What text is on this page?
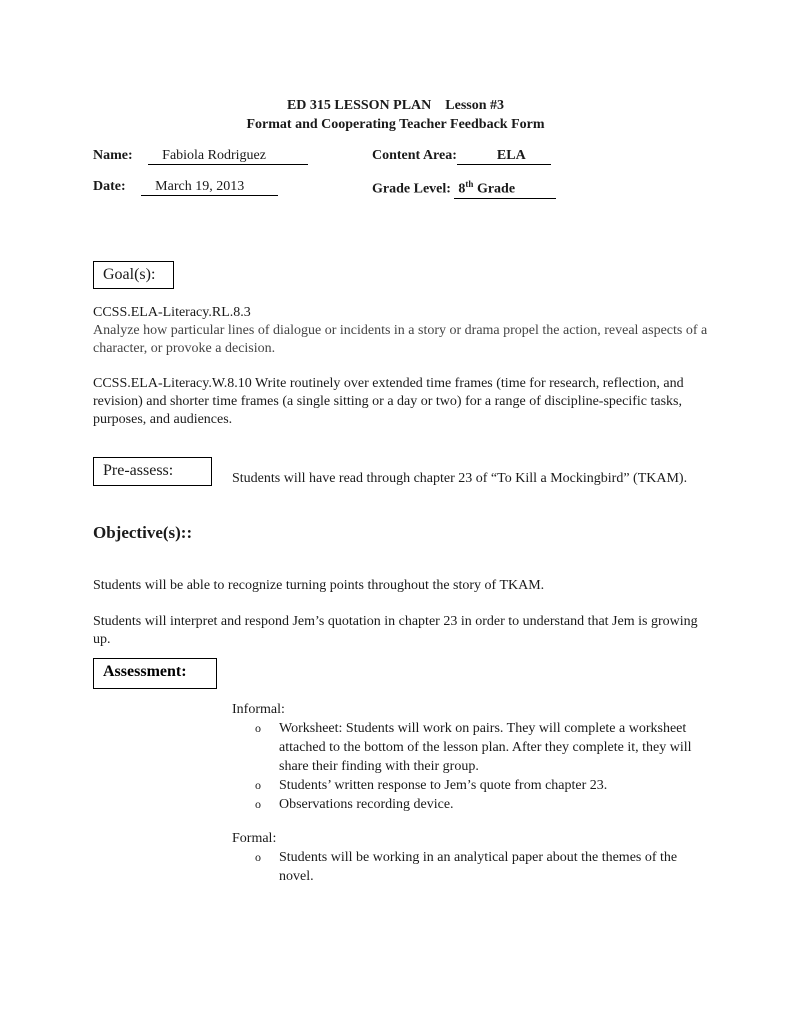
ED 315 LESSON PLAN Lesson #3
Format and Cooperating Teacher Feedback Form
Name: Fabiola Rodriguez	Content Area:	ELA
Date: March 19, 2013	Grade Level: 8th Grade
Goal(s):
CCSS.ELA-Literacy.RL.8.3
Analyze how particular lines of dialogue or incidents in a story or drama propel the action, reveal aspects of a character, or provoke a decision.
CCSS.ELA-Literacy.W.8.10 Write routinely over extended time frames (time for research, reflection, and revision) and shorter time frames (a single sitting or a day or two) for a range of discipline-specific tasks, purposes, and audiences.
Pre-assess:	Students will have read through chapter 23 of “To Kill a Mockingbird” (TKAM).
Objective(s)::
Students will be able to recognize turning points throughout the story of TKAM.
Students will interpret and respond Jem’s quotation in chapter 23 in order to understand that Jem is growing up.
Assessment:
Informal:
o Worksheet: Students will work on pairs. They will complete a worksheet attached to the bottom of the lesson plan. After they complete it, they will share their finding with their group.
o Students’ written response to Jem’s quote from chapter 23.
o Observations recording device.
Formal:
o Students will be working in an analytical paper about the themes of the novel.
